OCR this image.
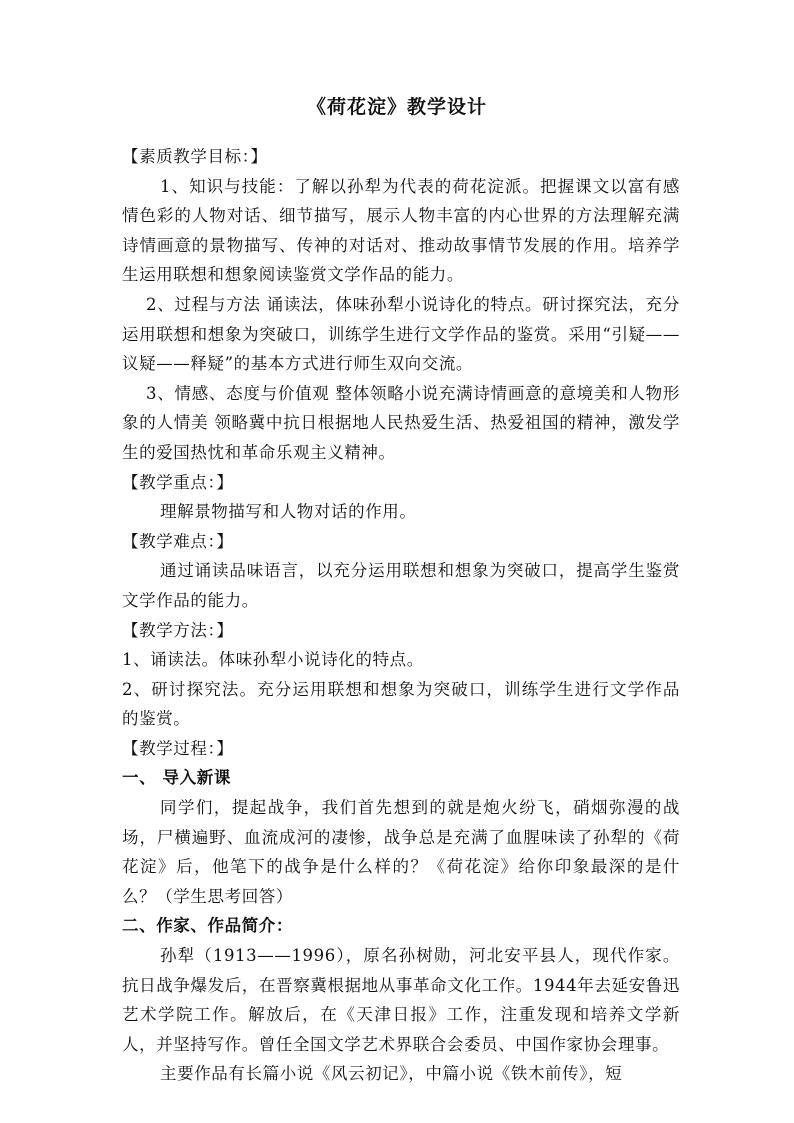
《荷花淀》教学设计

【素质教学目标：】

1、知识与技能：了解以孙犁为代表的荷花淀派。把握课文以富有感情色彩的人物对话、细节描写，展示人物丰富的内心世界的方法理解充满诗情画意的景物描写、传神的对话对、推动故事情节发展的作用。培养学生运用联想和想象阅读鉴赏文学作品的能力。

2、过程与方法 诵读法，体味孙犁小说诗化的特点。研讨探究法，充分运用联想和想象为突破口，训练学生进行文学作品的鉴赏。采用“引疑——议疑——释疑”的基本方式进行师生双向交流。

3、情感、态度与价值观 整体领略小说充满诗情画意的意境美和人物形象的人情美 领略冀中抗日根据地人民热爱生活、热爱祖国的精神，激发学生的爱国热忱和革命乐观主义精神。

【教学重点：】

理解景物描写和人物对话的作用。

【教学难点：】

通过诵读品味语言，以充分运用联想和想象为突破口，提高学生鉴赏文学作品的能力。

【教学方法：】

1、诵读法。体味孙犁小说诗化的特点。

2、研讨探究法。充分运用联想和想象为突破口，训练学生进行文学作品的鉴赏。

【教学过程：】

一、 导入新课

同学们，提起战争，我们首先想到的就是炮火纷飞，硝烟弥漫的战场，尸横遍野、血流成河的凄惨，战争总是充满了血腥味读了孙犁的《荷花淀》后，他笔下的战争是什么样的？《荷花淀》给你印象最深的是什么？（学生思考回答）

二、作家、作品简介：

孙犁（1913——1996），原名孙树勋，河北安平县人，现代作家。抗日战争爆发后，在晋察冀根据地从事革命文化工作。1944年去延安鲁迅艺术学院工作。解放后，在《天津日报》工作，注重发现和培养文学新人，并坚持写作。曾任全国文学艺术界联合会委员、中国作家协会理事。

主要作品有长篇小说《风云初记》，中篇小说《铁木前传》，短
